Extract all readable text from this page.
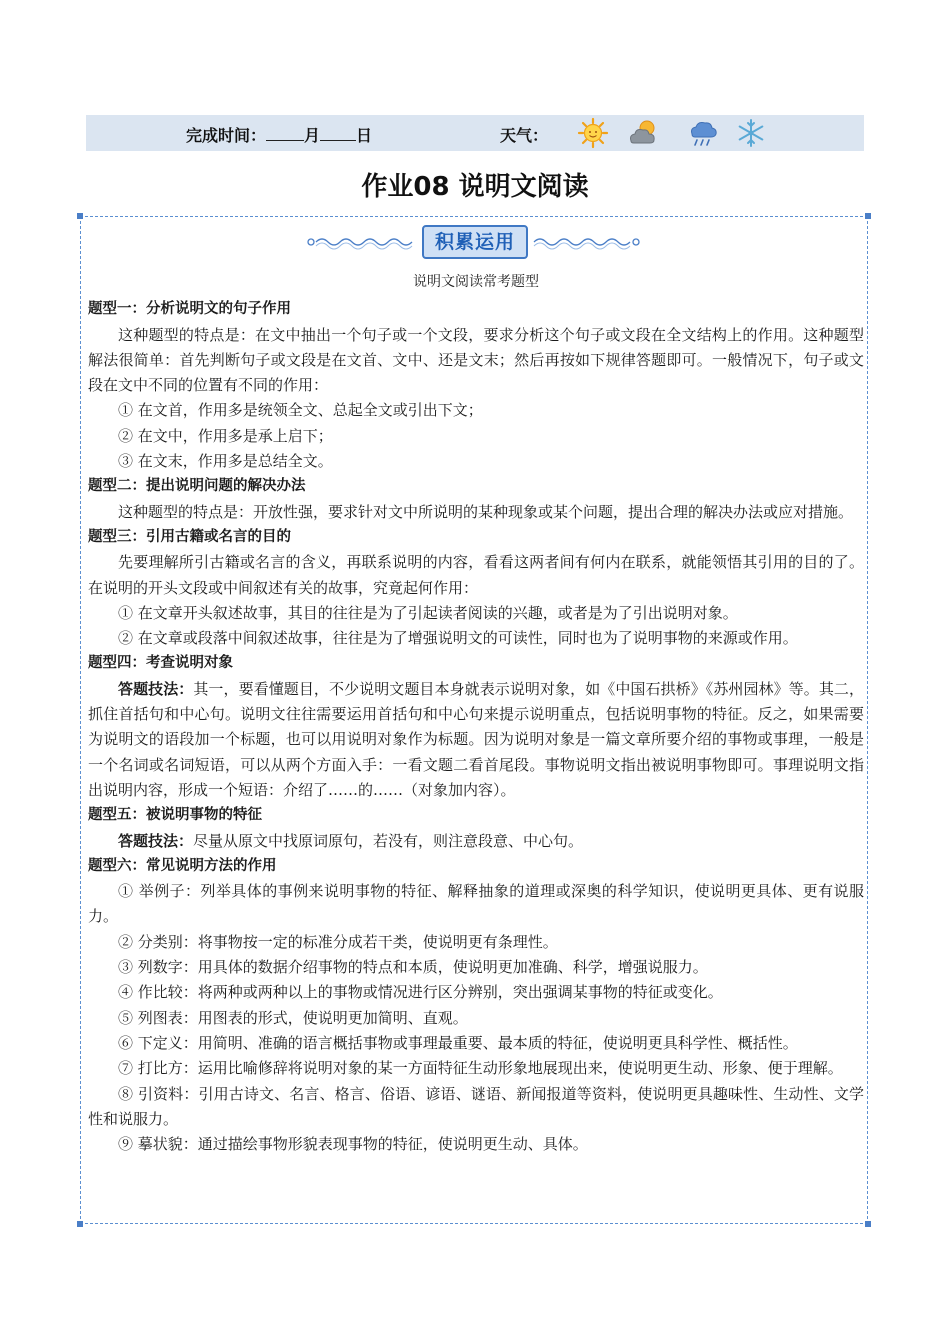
完成时间： 月 日	天气：
作业08 说明文阅读
积累运用
说明文阅读常考题型
题型一：分析说明文的句子作用
这种题型的特点是：在文中抽出一个句子或一个文段，要求分析这个句子或文段在全文结构上的作用。这种题型解法很简单：首先判断句子或文段是在文首、文中、还是文末；然后再按如下规律答题即可。一般情况下，句子或文段在文中不同的位置有不同的作用：
① 在文首，作用多是统领全文、总起全文或引出下文；
② 在文中，作用多是承上启下；
③ 在文末，作用多是总结全文。
题型二：提出说明问题的解决办法
这种题型的特点是：开放性强，要求针对文中所说明的某种现象或某个问题，提出合理的解决办法或应对措施。
题型三：引用古籍或名言的目的
先要理解所引古籍或名言的含义，再联系说明的内容，看看这两者间有何内在联系，就能领悟其引用的目的了。在说明的开头文段或中间叙述有关的故事，究竟起何作用：
① 在文章开头叙述故事，其目的往往是为了引起读者阅读的兴趣，或者是为了引出说明对象。
② 在文章或段落中间叙述故事，往往是为了增强说明文的可读性，同时也为了说明事物的来源或作用。
题型四：考查说明对象
答题技法：其一，要看懂题目，不少说明文题目本身就表示说明对象，如《中国石拱桥》《苏州园林》等。其二，抓住首括句和中心句。说明文往往需要运用首括句和中心句来提示说明重点，包括说明事物的特征。反之，如果需要为说明文的语段加一个标题，也可以用说明对象作为标题。因为说明对象是一篇文章所要介绍的事物或事理，一般是一个名词或名词短语，可以从两个方面入手：一看文题二看首尾段。事物说明文指出被说明事物即可。事理说明文指出说明内容，形成一个短语：介绍了……的……（对象加内容）。
题型五：被说明事物的特征
答题技法：尽量从原文中找原词原句，若没有，则注意段意、中心句。
题型六：常见说明方法的作用
① 举例子：列举具体的事例来说明事物的特征、解释抽象的道理或深奥的科学知识，使说明更具体、更有说服力。
② 分类别：将事物按一定的标准分成若干类，使说明更有条理性。
③ 列数字：用具体的数据介绍事物的特点和本质，使说明更加准确、科学，增强说服力。
④ 作比较：将两种或两种以上的事物或情况进行区分辨别，突出强调某事物的特征或变化。
⑤ 列图表：用图表的形式，使说明更加简明、直观。
⑥ 下定义：用简明、准确的语言概括事物或事理最重要、最本质的特征，使说明更具科学性、概括性。
⑦ 打比方：运用比喻修辞将说明对象的某一方面特征生动形象地展现出来，使说明更生动、形象、便于理解。
⑧ 引资料：引用古诗文、名言、格言、俗语、谚语、谜语、新闻报道等资料，使说明更具趣味性、生动性、文学性和说服力。
⑨ 摹状貌：通过描绘事物形貌表现事物的特征，使说明更生动、具体。
